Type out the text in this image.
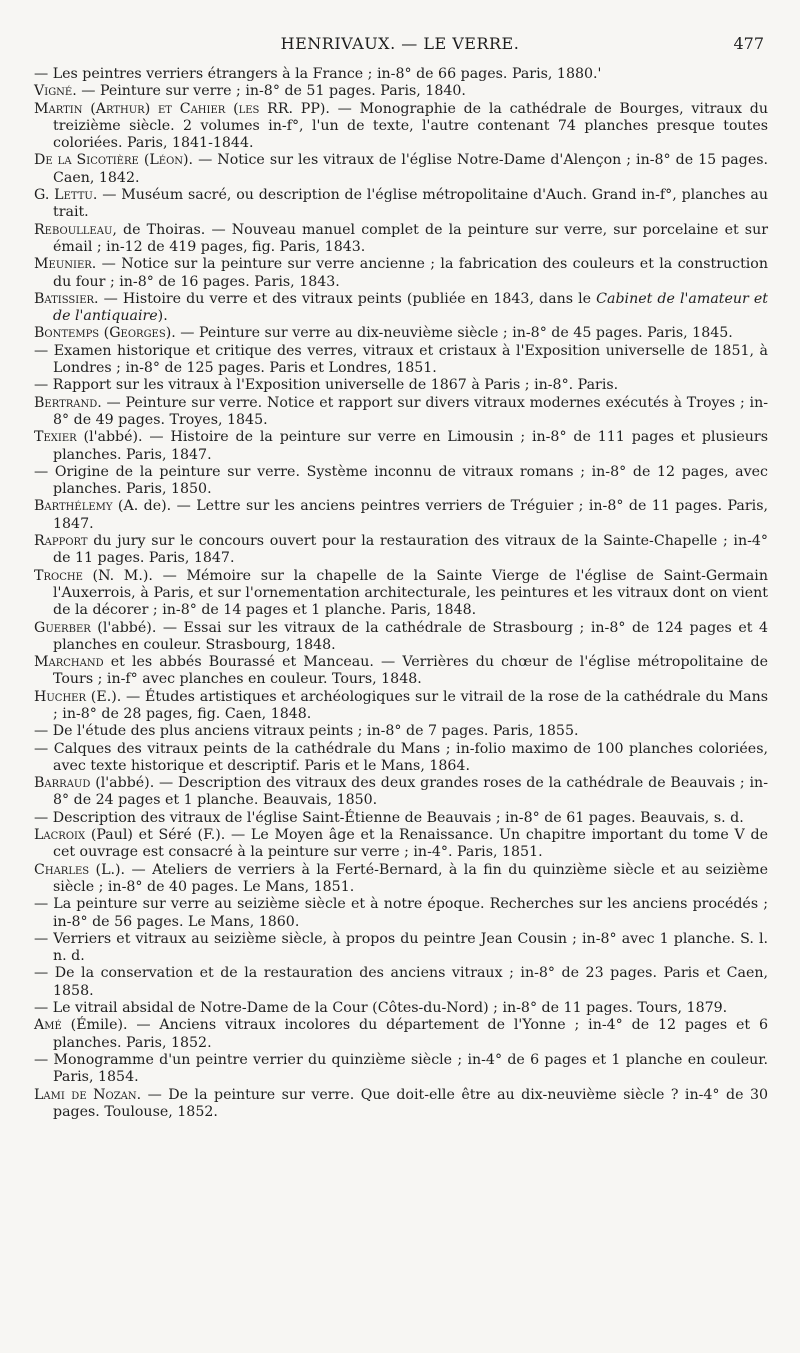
HENRIVAUX. — LE VERRE.	477

— Les peintres verriers étrangers à la France ; in-8° de 66 pages. Paris, 1880.'

Vigné. — Peinture sur verre ; in-8° de 51 pages. Paris, 1840.

Martin (Arthur) et Cahier (les RR. PP). — Monographie de la cathédrale de Bourges, vitraux du treizième siècle. 2 volumes in-f°, l'un de texte, l'autre contenant 74 planches presque toutes coloriées. Paris, 1841-1844.

De la Sicotière (Léon). — Notice sur les vitraux de l'église Notre-Dame d'Alençon ; in-8° de 15 pages. Caen, 1842.

G. Lettu. — Muséum sacré, ou description de l'église métropolitaine d'Auch. Grand in-f°, planches au trait.

Reboulleau, de Thoiras. — Nouveau manuel complet de la peinture sur verre, sur porcelaine et sur émail ; in-12 de 419 pages, fig. Paris, 1843.

Meunier. — Notice sur la peinture sur verre ancienne ; la fabrication des couleurs et la construction du four ; in-8° de 16 pages. Paris, 1843.

Batissier. — Histoire du verre et des vitraux peints (publiée en 1843, dans le Cabinet de l'amateur et de l'antiquaire).

Bontemps (Georges). — Peinture sur verre au dix-neuvième siècle ; in-8° de 45 pages. Paris, 1845.

— Examen historique et critique des verres, vitraux et cristaux à l'Exposition universelle de 1851, à Londres ; in-8° de 125 pages. Paris et Londres, 1851.

— Rapport sur les vitraux à l'Exposition universelle de 1867 à Paris ; in-8°. Paris.

Bertrand. — Peinture sur verre. Notice et rapport sur divers vitraux modernes exécutés à Troyes ; in-8° de 49 pages. Troyes, 1845.

Texier (l'abbé). — Histoire de la peinture sur verre en Limousin ; in-8° de 111 pages et plusieurs planches. Paris, 1847.

— Origine de la peinture sur verre. Système inconnu de vitraux romans ; in-8° de 12 pages, avec planches. Paris, 1850.

Barthélemy (A. de). — Lettre sur les anciens peintres verriers de Tréguier ; in-8° de 11 pages. Paris, 1847.

Rapport du jury sur le concours ouvert pour la restauration des vitraux de la Sainte-Chapelle ; in-4° de 11 pages. Paris, 1847.

Troche (N. M.). — Mémoire sur la chapelle de la Sainte Vierge de l'église de Saint-Germain l'Auxerrois, à Paris, et sur l'ornementation architecturale, les peintures et les vitraux dont on vient de la décorer ; in-8° de 14 pages et 1 planche. Paris, 1848.

Guerber (l'abbé). — Essai sur les vitraux de la cathédrale de Strasbourg ; in-8° de 124 pages et 4 planches en couleur. Strasbourg, 1848.

Marchand et les abbés Bourassé et Manceau. — Verrières du chœur de l'église métropolitaine de Tours ; in-f° avec planches en couleur. Tours, 1848.

Hucher (E.). — Études artistiques et archéologiques sur le vitrail de la rose de la cathédrale du Mans ; in-8° de 28 pages, fig. Caen, 1848.

— De l'étude des plus anciens vitraux peints ; in-8° de 7 pages. Paris, 1855.

— Calques des vitraux peints de la cathédrale du Mans ; in-folio maximo de 100 planches coloriées, avec texte historique et descriptif. Paris et le Mans, 1864.

Barraud (l'abbé). — Description des vitraux des deux grandes roses de la cathédrale de Beauvais ; in-8° de 24 pages et 1 planche. Beauvais, 1850.

— Description des vitraux de l'église Saint-Étienne de Beauvais ; in-8° de 61 pages. Beauvais, s. d.

Lacroix (Paul) et Séré (F.). — Le Moyen âge et la Renaissance. Un chapitre important du tome V de cet ouvrage est consacré à la peinture sur verre ; in-4°. Paris, 1851.

Charles (L.). — Ateliers de verriers à la Ferté-Bernard, à la fin du quinzième siècle et au seizième siècle ; in-8° de 40 pages. Le Mans, 1851.

— La peinture sur verre au seizième siècle et à notre époque. Recherches sur les anciens procédés ; in-8° de 56 pages. Le Mans, 1860.

— Verriers et vitraux au seizième siècle, à propos du peintre Jean Cousin ; in-8° avec 1 planche. S. l. n. d.

— De la conservation et de la restauration des anciens vitraux ; in-8° de 23 pages. Paris et Caen, 1858.

— Le vitrail absidal de Notre-Dame de la Cour (Côtes-du-Nord) ; in-8° de 11 pages. Tours, 1879.

Amé (Émile). — Anciens vitraux incolores du département de l'Yonne ; in-4° de 12 pages et 6 planches. Paris, 1852.

— Monogramme d'un peintre verrier du quinzième siècle ; in-4° de 6 pages et 1 planche en couleur. Paris, 1854.

Lami de Nozan. — De la peinture sur verre. Que doit-elle être au dix-neuvième siècle ? in-4° de 30 pages. Toulouse, 1852.
